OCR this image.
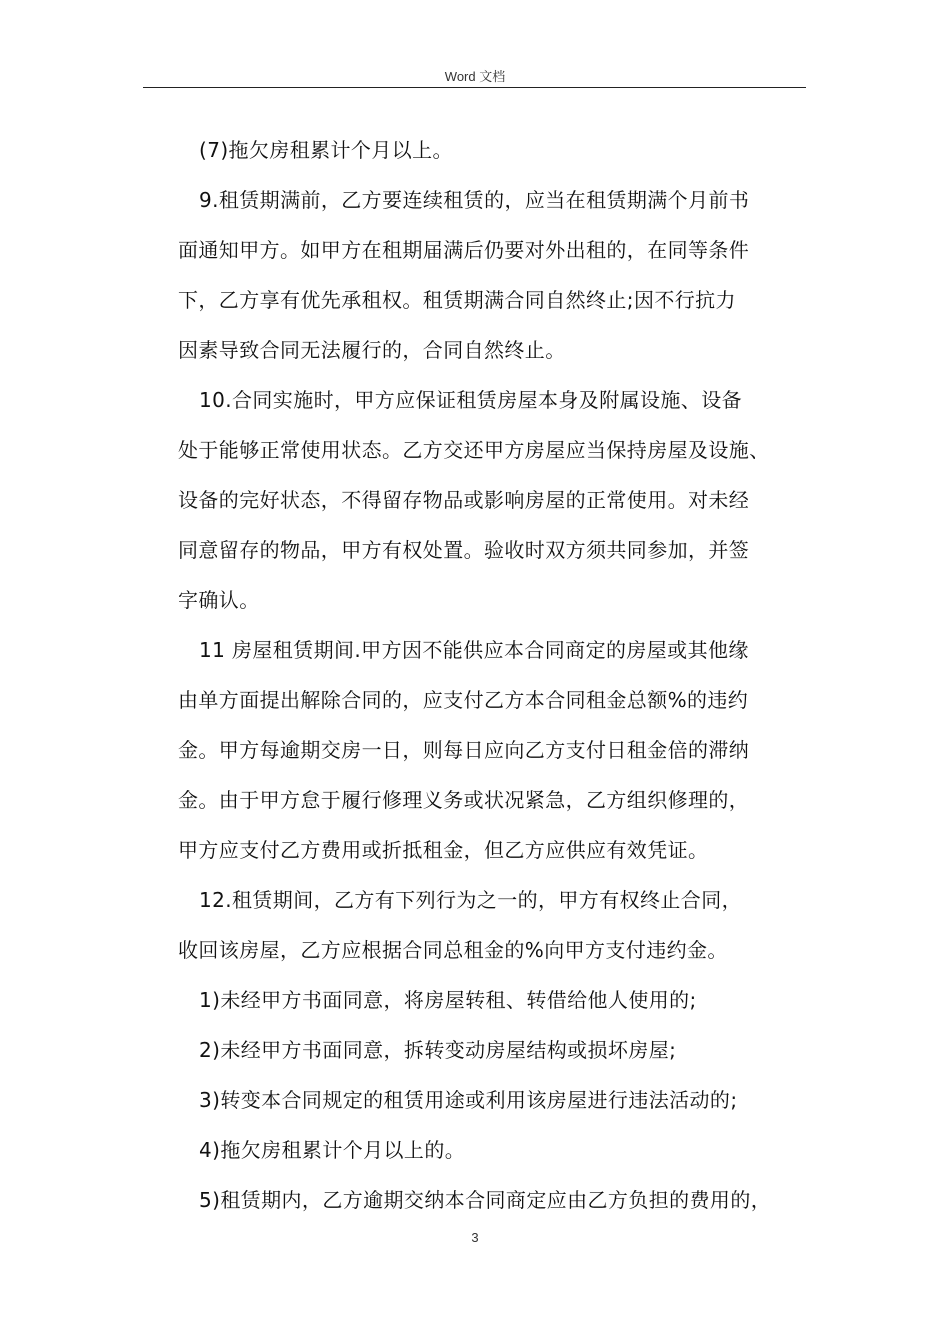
Word 文档
(7)拖欠房租累计个月以上。
9.租赁期满前，乙方要连续租赁的，应当在租赁期满个月前书
面通知甲方。如甲方在租期届满后仍要对外出租的，在同等条件
下，乙方享有优先承租权。租赁期满合同自然终止;因不行抗力
因素导致合同无法履行的，合同自然终止。
10.合同实施时，甲方应保证租赁房屋本身及附属设施、设备
处于能够正常使用状态。乙方交还甲方房屋应当保持房屋及设施、
设备的完好状态，不得留存物品或影响房屋的正常使用。对未经
同意留存的物品，甲方有权处置。验收时双方须共同参加，并签
字确认。
11 房屋租赁期间.甲方因不能供应本合同商定的房屋或其他缘
由单方面提出解除合同的，应支付乙方本合同租金总额%的违约
金。甲方每逾期交房一日，则每日应向乙方支付日租金倍的滞纳
金。由于甲方怠于履行修理义务或状况紧急，乙方组织修理的，
甲方应支付乙方费用或折抵租金，但乙方应供应有效凭证。
12.租赁期间，乙方有下列行为之一的，甲方有权终止合同，
收回该房屋，乙方应根据合同总租金的%向甲方支付违约金。
1)未经甲方书面同意，将房屋转租、转借给他人使用的;
2)未经甲方书面同意，拆转变动房屋结构或损坏房屋;
3)转变本合同规定的租赁用途或利用该房屋进行违法活动的;
4)拖欠房租累计个月以上的。
5)租赁期内，乙方逾期交纳本合同商定应由乙方负担的费用的，
3
